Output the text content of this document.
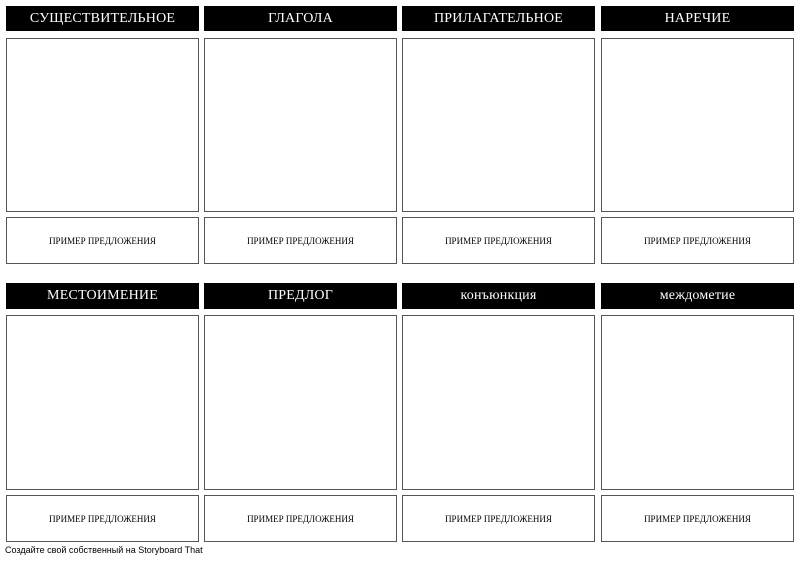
СУЩЕСТВИТЕЛЬНОЕ	ГЛАГОЛА	ПРИЛАГАТЕЛЬНОЕ	НАРЕЧИЕ
ПРИМЕР ПРЕДЛОЖЕНИЯ	ПРИМЕР ПРЕДЛОЖЕНИЯ	ПРИМЕР ПРЕДЛОЖЕНИЯ	ПРИМЕР ПРЕДЛОЖЕНИЯ
МЕСТОИМЕНИЕ	ПРЕДЛОГ	конъюнкция	междометие
ПРИМЕР ПРЕДЛОЖЕНИЯ	ПРИМЕР ПРЕДЛОЖЕНИЯ	ПРИМЕР ПРЕДЛОЖЕНИЯ	ПРИМЕР ПРЕДЛОЖЕНИЯ
Создайте свой собственный на Storyboard That
